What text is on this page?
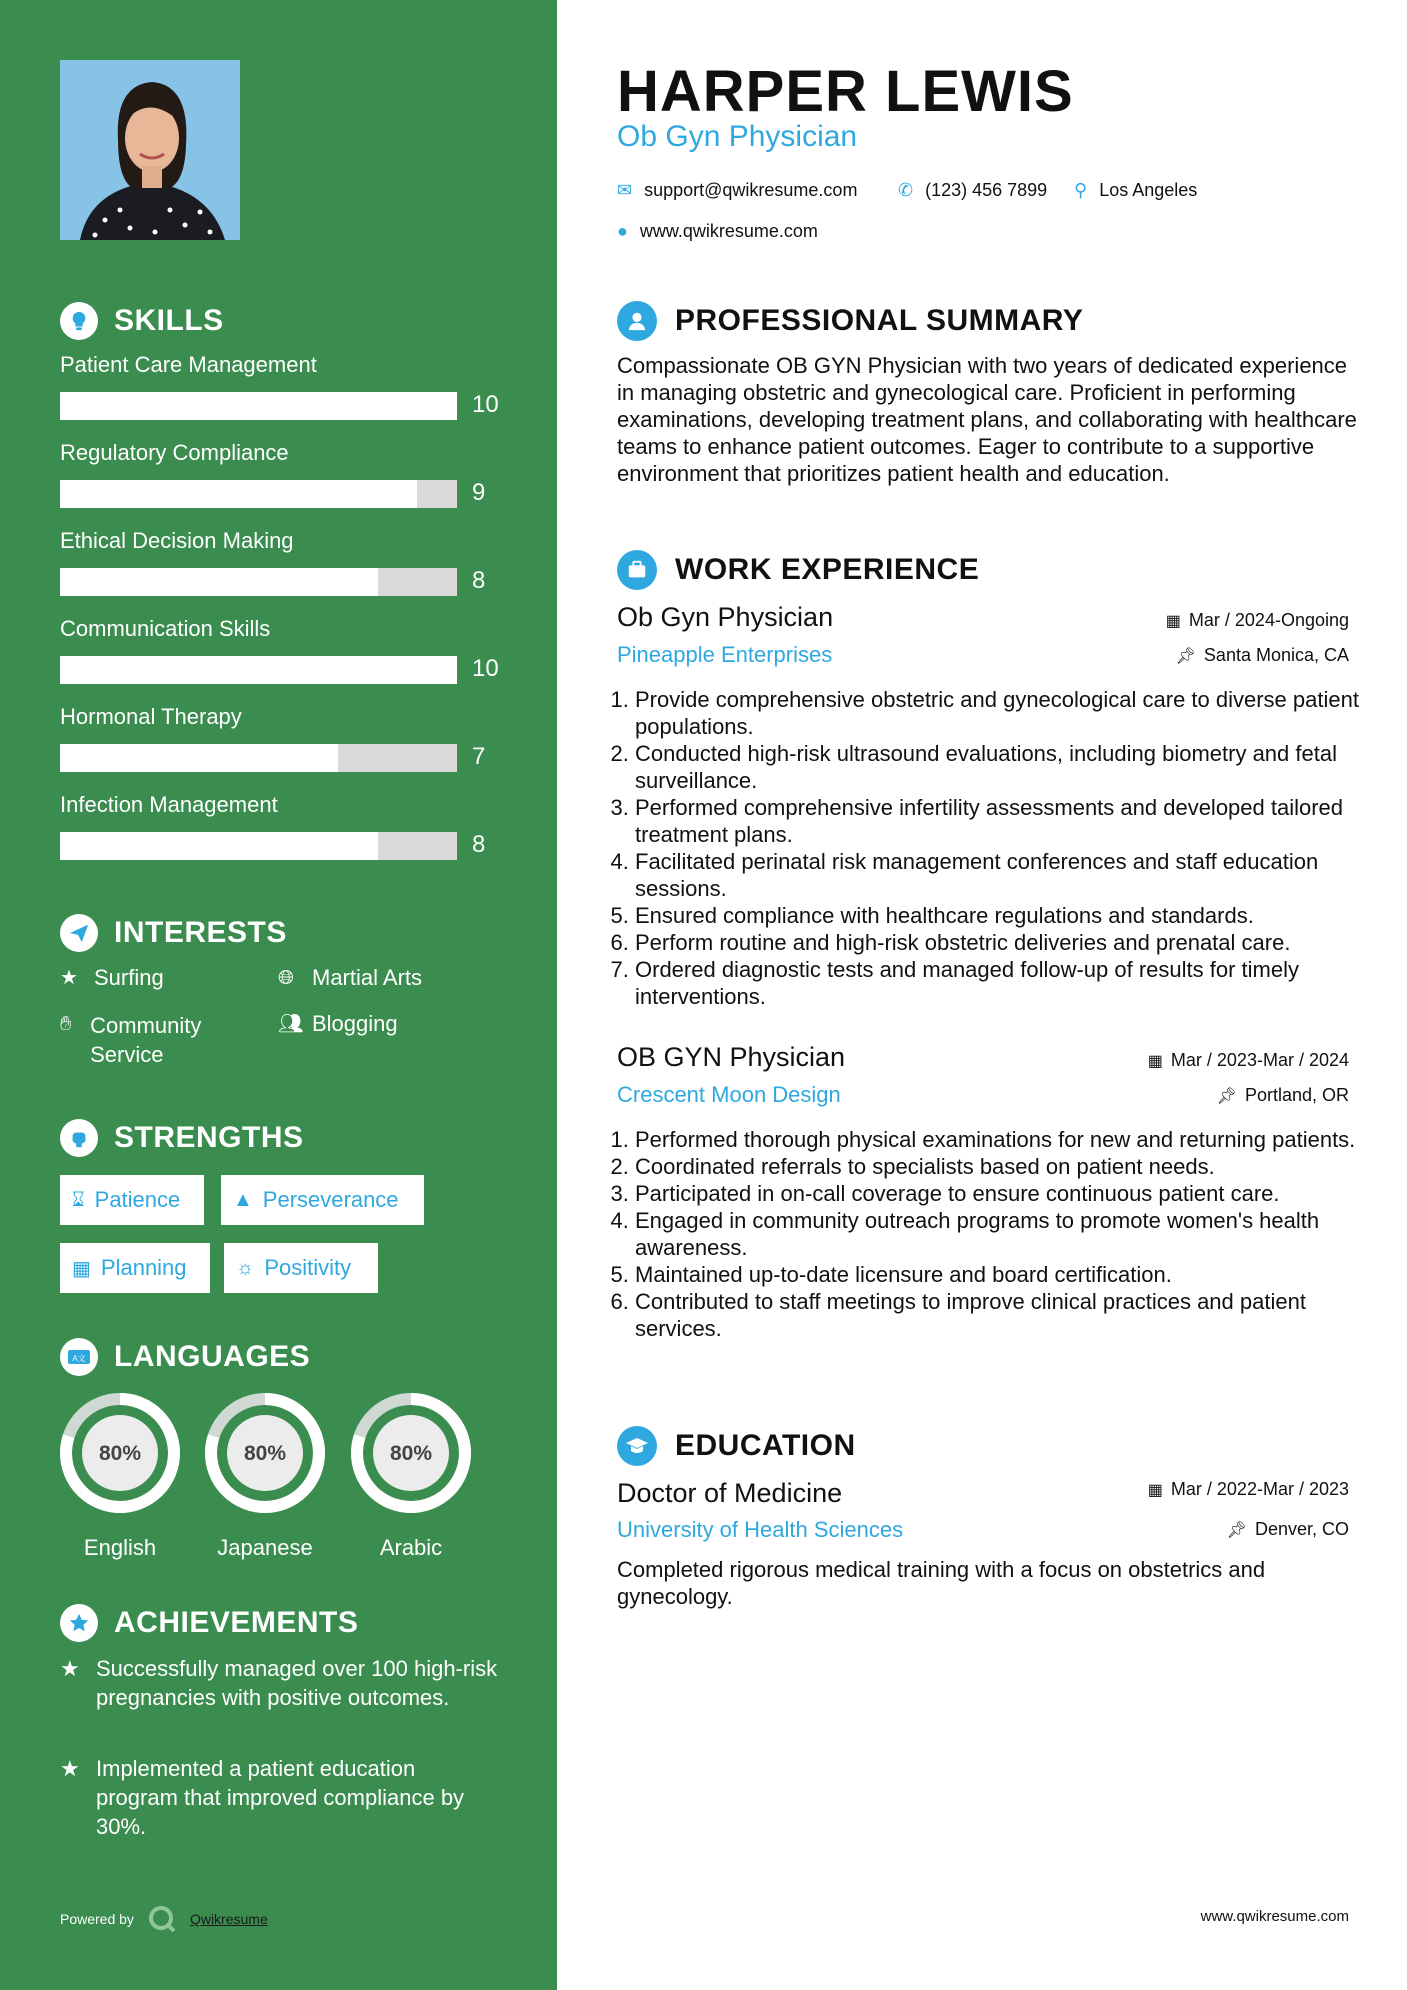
SKILLS
Patient Care Management
10
Regulatory Compliance
9
Ethical Decision Making
8
Communication Skills
10
Hormonal Therapy
7
Infection Management
8
INTERESTS
★ Surfing	🌐︎ Martial Arts
✋︎ Community Service
👥︎ Blogging
STRENGTHS
⌛︎ Patience	▲ Perseverance
▦ Planning ☼ Positivity
A文 LANGUAGES
80%
English
80%
Japanese
80%
Arabic
ACHIEVEMENTS
★ Successfully managed over 100 high-risk pregnancies with positive outcomes.
★ Implemented a patient education program that improved compliance by 30%.
Powered by	Qwikresume
HARPER LEWIS
Ob Gyn Physician
✉ support@qwikresume.com ✆ (123) 456 7899 ⚲ Los Angeles
● www.qwikresume.com
PROFESSIONAL SUMMARY
Compassionate OB GYN Physician with two years of dedicated experience in managing obstetric and gynecological care. Proficient in performing examinations, developing treatment plans, and collaborating with healthcare teams to enhance patient outcomes. Eager to contribute to a supportive environment that prioritizes patient health and education.
WORK EXPERIENCE
Ob Gyn Physician	▦ Mar / 2024-Ongoing
Pineapple Enterprises	📌︎ Santa Monica, CA
1. Provide comprehensive obstetric and gynecological care to diverse patient populations.
2. Conducted high-risk ultrasound evaluations, including biometry and fetal surveillance.
3. Performed comprehensive infertility assessments and developed tailored treatment plans.
4. Facilitated perinatal risk management conferences and staff education sessions.
5. Ensured compliance with healthcare regulations and standards.
6. Perform routine and high-risk obstetric deliveries and prenatal care.
7. Ordered diagnostic tests and managed follow-up of results for timely interventions.
OB GYN Physician	▦ Mar / 2023-Mar / 2024
Crescent Moon Design	📌︎ Portland, OR
1. Performed thorough physical examinations for new and returning patients.
2. Coordinated referrals to specialists based on patient needs.
3. Participated in on-call coverage to ensure continuous patient care.
4. Engaged in community outreach programs to promote women's health awareness.
5. Maintained up-to-date licensure and board certification.
6. Contributed to staff meetings to improve clinical practices and patient services.
EDUCATION
Doctor of Medicine	▦ Mar / 2022-Mar / 2023
University of Health Sciences	📌︎ Denver, CO
Completed rigorous medical training with a focus on obstetrics and gynecology.
www.qwikresume.com
